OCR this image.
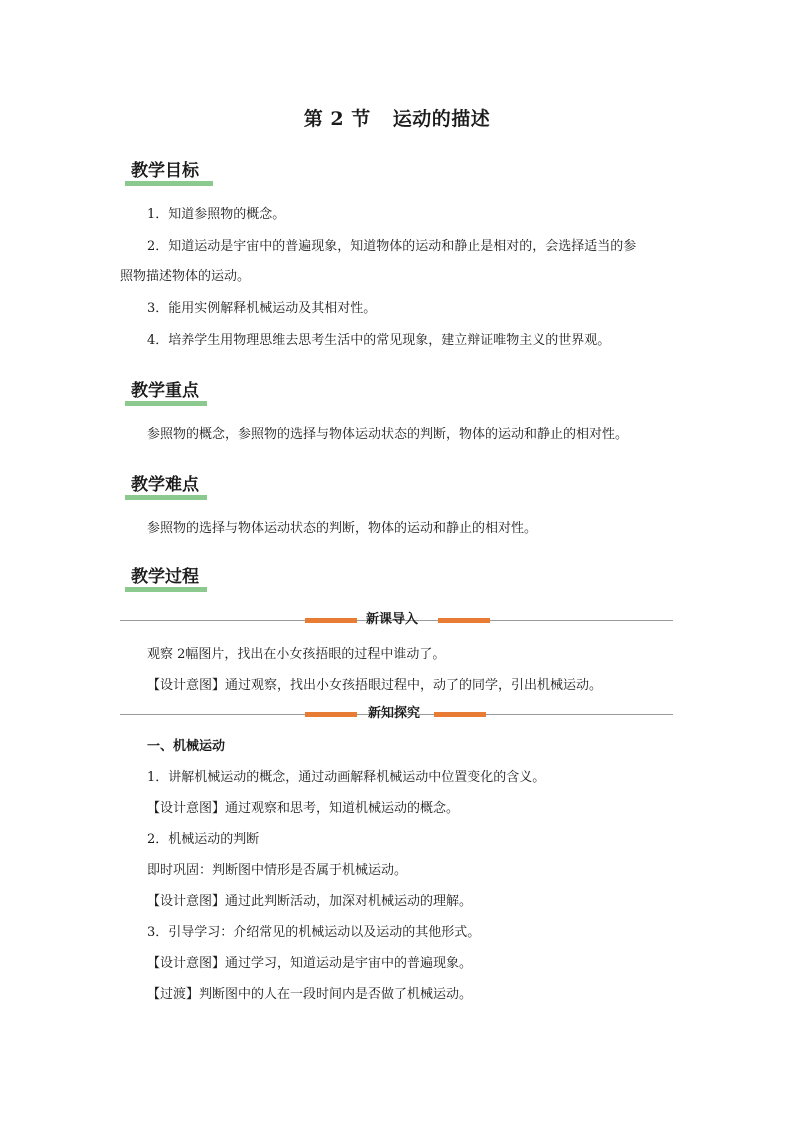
第 2 节 运动的描述
教学目标
1．知道参照物的概念。
2．知道运动是宇宙中的普遍现象，知道物体的运动和静止是相对的，会选择适当的参
照物描述物体的运动。
3．能用实例解释机械运动及其相对性。
4．培养学生用物理思维去思考生活中的常见现象，建立辩证唯物主义的世界观。
教学重点
参照物的概念，参照物的选择与物体运动状态的判断，物体的运动和静止的相对性。
教学难点
参照物的选择与物体运动状态的判断，物体的运动和静止的相对性。
教学过程
新课导入
观察 2幅图片，找出在小女孩捂眼的过程中谁动了。
【设计意图】通过观察，找出小女孩捂眼过程中，动了的同学，引出机械运动。
新知探究
一、机械运动
1．讲解机械运动的概念，通过动画解释机械运动中位置变化的含义。
【设计意图】通过观察和思考，知道机械运动的概念。
2．机械运动的判断
即时巩固：判断图中情形是否属于机械运动。
【设计意图】通过此判断活动，加深对机械运动的理解。
3．引导学习：介绍常见的机械运动以及运动的其他形式。
【设计意图】通过学习，知道运动是宇宙中的普遍现象。
【过渡】判断图中的人在一段时间内是否做了机械运动。
